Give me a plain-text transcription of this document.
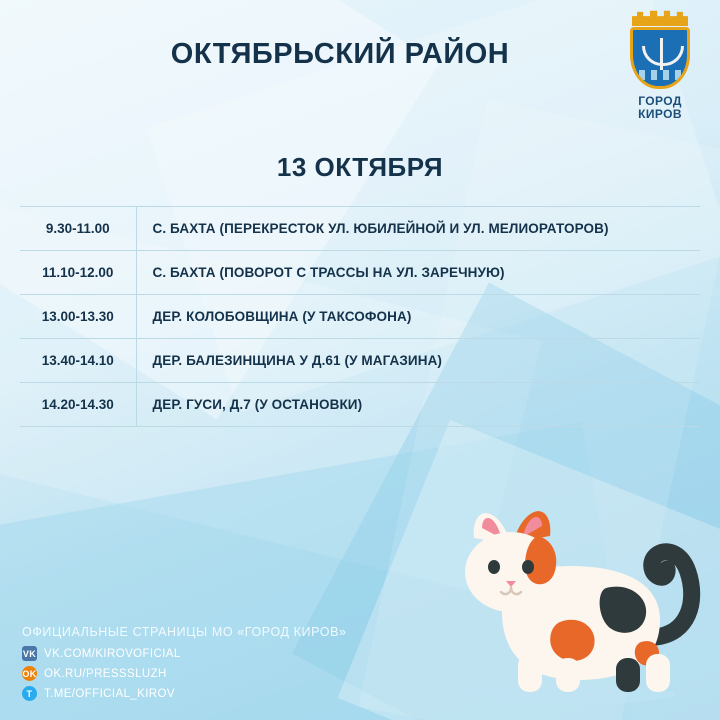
ГОРОД
КИРОВ
ОКТЯБРЬСКИЙ РАЙОН
13 ОКТЯБРЯ
9.30-11.00	С. БАХТА (ПЕРЕКРЕСТОК УЛ. ЮБИЛЕЙНОЙ И УЛ. МЕЛИОРАТОРОВ)
11.10-12.00	С. БАХТА (ПОВОРОТ С ТРАССЫ НА УЛ. ЗАРЕЧНУЮ)
13.00-13.30	ДЕР. КОЛОБОВЩИНА (У ТАКСОФОНА)
13.40-14.10	ДЕР. БАЛЕЗИНЩИНА У Д.61 (У МАГАЗИНА)
14.20-14.30	ДЕР. ГУСИ, Д.7 (У ОСТАНОВКИ)
ОФИЦИАЛЬНЫЕ СТРАНИЦЫ МО «ГОРОД КИРОВ»
VK VK.COM/KIROVOFICIAL
OK OK.RU/PRESSSLUZH
T	T.ME/OFFICIAL_KIROV
